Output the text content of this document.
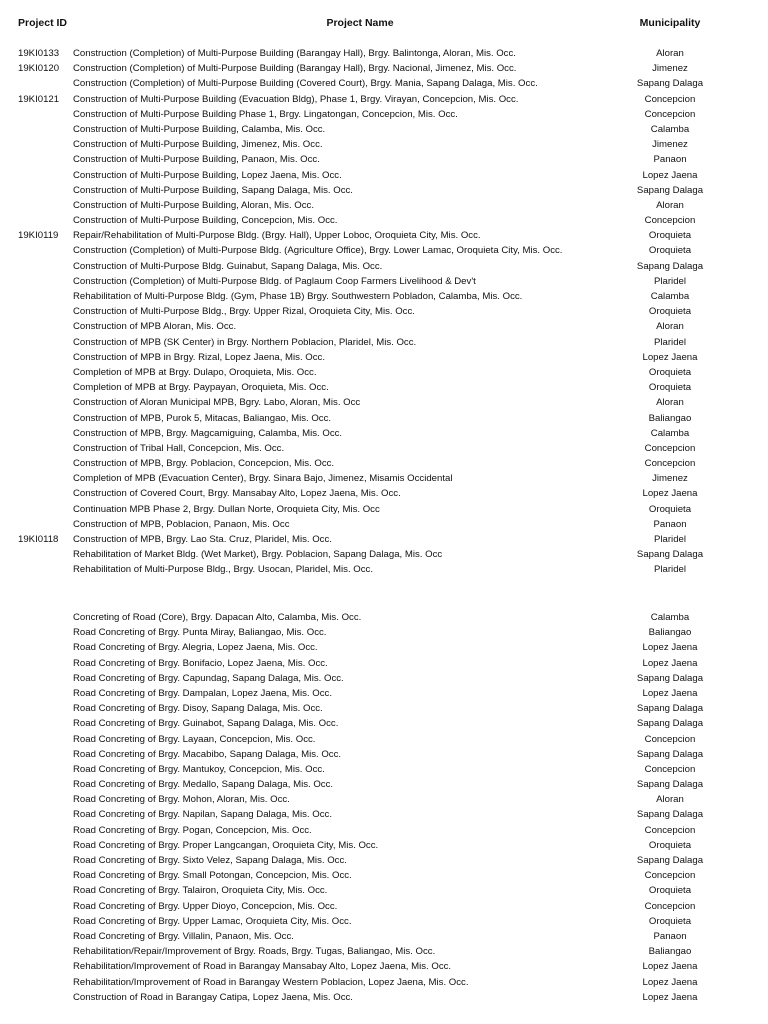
Project ID	Project Name	Municipality
19KI0133	Construction (Completion) of Multi-Purpose Building (Barangay Hall), Brgy. Balintonga, Aloran, Mis. Occ.	Aloran
19KI0120	Construction (Completion) of Multi-Purpose Building (Barangay Hall), Brgy. Nacional, Jimenez, Mis. Occ.	Jimenez
Construction (Completion) of Multi-Purpose Building (Covered Court), Brgy. Mania, Sapang Dalaga, Mis. Occ.	Sapang Dalaga
19KI0121	Construction of Multi-Purpose Building (Evacuation Bldg), Phase 1, Brgy. Virayan, Concepcion, Mis. Occ.	Concepcion
Construction of Multi-Purpose Building Phase 1, Brgy. Lingatongan, Concepcion, Mis. Occ.	Concepcion
Construction of Multi-Purpose Building, Calamba, Mis. Occ.	Calamba
Construction of Multi-Purpose Building, Jimenez, Mis. Occ.	Jimenez
Construction of Multi-Purpose Building, Panaon, Mis. Occ.	Panaon
Construction of Multi-Purpose Building, Lopez Jaena, Mis. Occ.	Lopez Jaena
Construction of Multi-Purpose Building, Sapang Dalaga, Mis. Occ.	Sapang Dalaga
Construction of Multi-Purpose Building, Aloran, Mis. Occ.	Aloran
Construction of Multi-Purpose Building, Concepcion, Mis. Occ.	Concepcion
19KI0119	Repair/Rehabilitation of Multi-Purpose Bldg. (Brgy. Hall), Upper Loboc, Oroquieta City, Mis. Occ.	Oroquieta
Construction (Completion) of Multi-Purpose Bldg. (Agriculture Office), Brgy. Lower Lamac, Oroquieta City, Mis. Occ.	Oroquieta
Construction of Multi-Purpose Bldg. Guinabut, Sapang Dalaga, Mis. Occ.	Sapang Dalaga
Construction (Completion) of Multi-Purpose Bldg. of Paglaum Coop Farmers Livelihood & Dev't	Plaridel
Rehabilitation of Multi-Purpose Bldg. (Gym, Phase 1B) Brgy. Southwestern Pobladon, Calamba, Mis. Occ.	Calamba
Construction of Multi-Purpose Bldg., Brgy. Upper Rizal, Oroquieta City, Mis. Occ.	Oroquieta
Construction of MPB Aloran, Mis. Occ.	Aloran
Construction of MPB (SK Center) in Brgy. Northern Poblacion, Plaridel, Mis. Occ.	Plaridel
Construction of MPB in Brgy. Rizal, Lopez Jaena, Mis. Occ.	Lopez Jaena
Completion of MPB at Brgy. Dulapo, Oroquieta, Mis. Occ.	Oroquieta
Completion of MPB at Brgy. Paypayan, Oroquieta, Mis. Occ.	Oroquieta
Construction of Aloran Municipal MPB, Bgry. Labo, Aloran, Mis. Occ	Aloran
Construction of MPB, Purok 5, Mitacas, Baliangao, Mis. Occ.	Baliangao
Construction of MPB, Brgy. Magcamiguing, Calamba, Mis. Occ.	Calamba
Construction of Tribal Hall, Concepcion, Mis. Occ.	Concepcion
Construction of MPB, Brgy. Poblacion, Concepcion, Mis. Occ.	Concepcion
Completion of MPB (Evacuation Center), Brgy. Sinara Bajo, Jimenez, Misamis Occidental	Jimenez
Construction of Covered Court, Brgy. Mansabay Alto, Lopez Jaena, Mis. Occ.	Lopez Jaena
Continuation MPB Phase 2, Brgy. Dullan Norte, Oroquieta City, Mis. Occ	Oroquieta
Construction of MPB, Poblacion, Panaon, Mis. Occ	Panaon
19KI0118	Construction of MPB, Brgy. Lao Sta. Cruz, Plaridel, Mis. Occ.	Plaridel
Rehabilitation of Market Bldg. (Wet Market), Brgy. Poblacion, Sapang Dalaga, Mis. Occ	Sapang Dalaga
Rehabilitation of Multi-Purpose Bldg., Brgy. Usocan, Plaridel, Mis. Occ.	Plaridel
Concreting of Road (Core), Brgy. Dapacan Alto, Calamba, Mis. Occ.	Calamba
Road Concreting of Brgy. Punta Miray, Baliangao, Mis. Occ.	Baliangao
Road Concreting of Brgy. Alegria, Lopez Jaena, Mis. Occ.	Lopez Jaena
Road Concreting of Brgy. Bonifacio, Lopez Jaena, Mis. Occ.	Lopez Jaena
Road Concreting of Brgy. Capundag, Sapang Dalaga, Mis. Occ.	Sapang Dalaga
Road Concreting of Brgy. Dampalan, Lopez Jaena, Mis. Occ.	Lopez Jaena
Road Concreting of Brgy. Disoy, Sapang Dalaga, Mis. Occ.	Sapang Dalaga
Road Concreting of Brgy. Guinabot, Sapang Dalaga, Mis. Occ.	Sapang Dalaga
Road Concreting of Brgy. Layaan, Concepcion, Mis. Occ.	Concepcion
Road Concreting of Brgy. Macabibo, Sapang Dalaga, Mis. Occ.	Sapang Dalaga
Road Concreting of Brgy. Mantukoy, Concepcion, Mis. Occ.	Concepcion
Road Concreting of Brgy. Medallo, Sapang Dalaga, Mis. Occ.	Sapang Dalaga
Road Concreting of Brgy. Mohon, Aloran, Mis. Occ.	Aloran
Road Concreting of Brgy. Napilan, Sapang Dalaga, Mis. Occ.	Sapang Dalaga
Road Concreting of Brgy. Pogan, Concepcion, Mis. Occ.	Concepcion
Road Concreting of Brgy. Proper Langcangan, Oroquieta City, Mis. Occ.	Oroquieta
Road Concreting of Brgy. Sixto Velez, Sapang Dalaga, Mis. Occ.	Sapang Dalaga
Road Concreting of Brgy. Small Potongan, Concepcion, Mis. Occ.	Concepcion
Road Concreting of Brgy. Talairon, Oroquieta City, Mis. Occ.	Oroquieta
Road Concreting of Brgy. Upper Dioyo, Concepcion, Mis. Occ.	Concepcion
Road Concreting of Brgy. Upper Lamac, Oroquieta City, Mis. Occ.	Oroquieta
Road Concreting of Brgy. Villalin, Panaon, Mis. Occ.	Panaon
Rehabilitation/Repair/Improvement of Brgy. Roads, Brgy. Tugas, Baliangao, Mis. Occ.	Baliangao
Rehabilitation/Improvement of Road in Barangay Mansabay Alto, Lopez Jaena, Mis. Occ.	Lopez Jaena
Rehabilitation/Improvement of Road in Barangay Western Poblacion, Lopez Jaena, Mis. Occ.	Lopez Jaena
Construction of Road in Barangay Catipa, Lopez Jaena, Mis. Occ.	Lopez Jaena
